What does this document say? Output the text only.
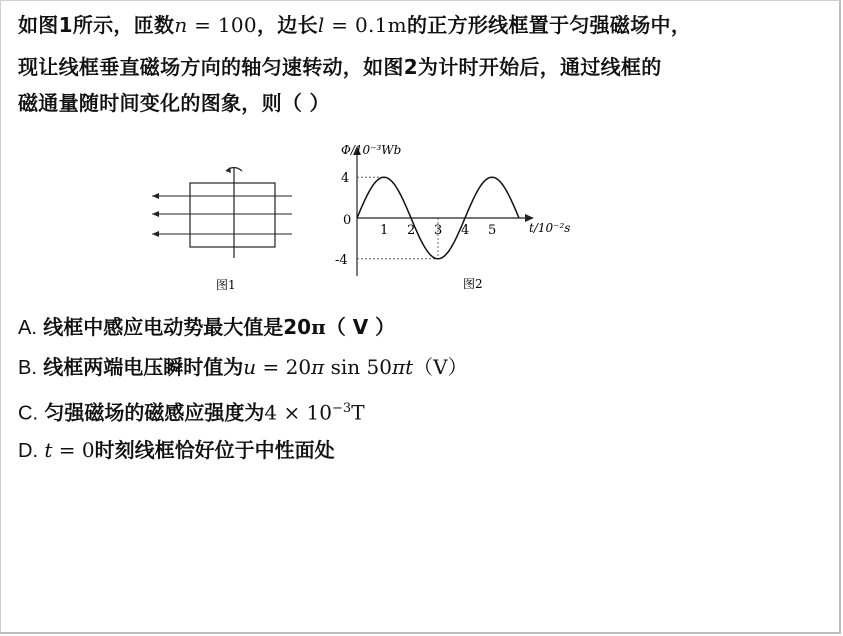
如图1所示，匝数n = 100，边长l = 0.1m的正方形线框置于匀强磁场中，
现让线框垂直磁场方向的轴匀速转动，如图2为计时开始后，通过线框的
磁通量随时间变化的图象，则（ ）
图1
4
-4
1 2 3 4 5
Φ/10⁻³Wb
t/10⁻²s
0
图2
A. 线框中感应电动势最大值是20π（ V ）
B. 线框两端电压瞬时值为u = 20π sin 50πt（V）
C. 匀强磁场的磁感应强度为$4 \times 10^{-3}T$
D. t = 0时刻线框恰好位于中性面处
